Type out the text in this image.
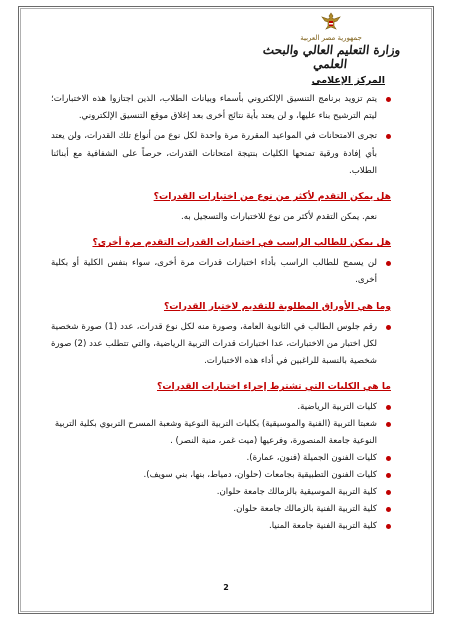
جمهورية مصر العربية
وزارة التعليم العالي والبحث العلمي
المركز الإعلامي

يتم تزويد برنامج التنسيق الإلكتروني بأسماء وبيانات الطلاب، الذين اجتازوا هذه الاختبارات؛ ليتم الترشيح بناء عليها، و لن يعتد بأية نتائج أخرى بعد إغلاق موقع التنسيق الإلكتروني.

تجرى الامتحانات في المواعيد المقررة مرة واحدة لكل نوع من أنواع تلك القدرات، ولن يعتد بأي إفادة ورقية تمنحها الكليات بنتيجة امتحانات القدرات، حرصاً على الشفافية مع أبنائنا الطلاب.

هل يمكن التقدم لأكثر من نوع من اختبارات القدرات؟

نعم. يمكن التقدم لأكثر من نوع للاختبارات والتسجيل به.

هل يمكن للطالب الراسب في اختبارات القدرات التقدم مرة أخرى؟

لن يسمح للطالب الراسب بأداء اختبارات قدرات مرة أخرى، سواء بنفس الكلية أو بكلية أخرى.

وما هي الأوراق المطلوبة للتقديم لاختبار القدرات؟

رقم جلوس الطالب في الثانوية العامة، وصورة منه لكل نوع قدرات، عدد (1) صورة شخصية لكل اختبار من الاختبارات، عدا اختبارات قدرات التربية الرياضية، والتي تتطلب عدد (2) صورة شخصية بالنسبة للراغبين في أداء هذه الاختبارات.

ما هي الكليات التي تشترط إجراء اختبارات القدرات؟
كليات التربية الرياضية.
شعبتا التربية (الفنية والموسيقية) بكليات التربية النوعية وشعبة المسرح التربوي بكلية التربية النوعية جامعة المنصورة، وفرعيها (ميت غمر، منية النصر) .
كليات الفنون الجميلة (فنون، عمارة).
كليات الفنون التطبيقية بجامعات (حلوان، دمياط، بنها، بني سويف).
كلية التربية الموسيقية بالزمالك جامعة حلوان.
كلية التربية الفنية بالزمالك جامعة حلوان.
كلية التربية الفنية جامعة المنيا.
2
